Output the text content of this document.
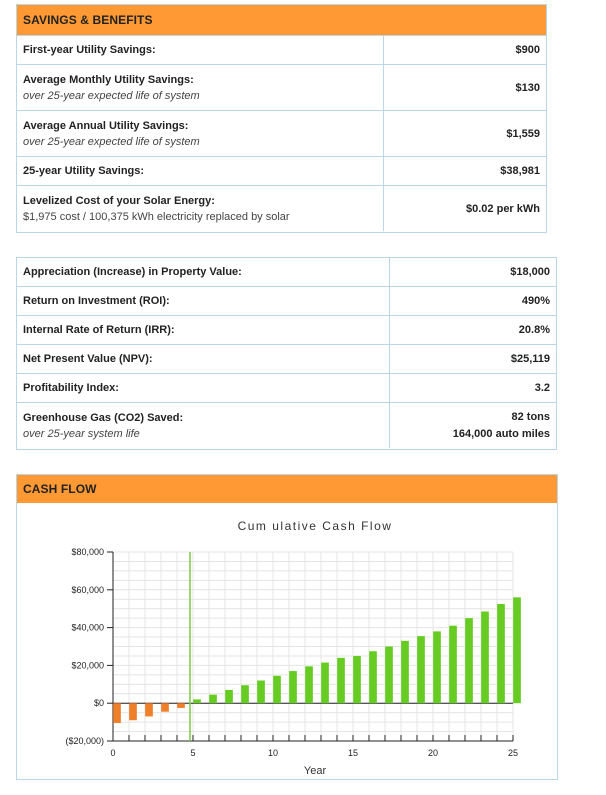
SAVINGS & BENEFITS
First-year Utility Savings:	$900
Average Monthly Utility Savings:
over 25-year expected life of system	$130
Average Annual Utility Savings:
over 25-year expected life of system	$1,559
25-year Utility Savings:	$38,981
Levelized Cost of your Solar Energy:
$1,975 cost / 100,375 kWh electricity replaced by solar	$0.02 per kWh
Appreciation (Increase) in Property Value:	$18,000
Return on Investment (ROI):	490%
Internal Rate of Return (IRR):	20.8%
Net Present Value (NPV):	$25,119
Profitability Index:	3.2
Greenhouse Gas (CO2) Saved:
over 25-year system life	82 tons
164,000 auto miles
CASH FLOW
Cum ulative Cash Flow
($20,000)
$0
$20,000
$40,000
$60,000
$80,000
0	5	10	15	20	25
Year
